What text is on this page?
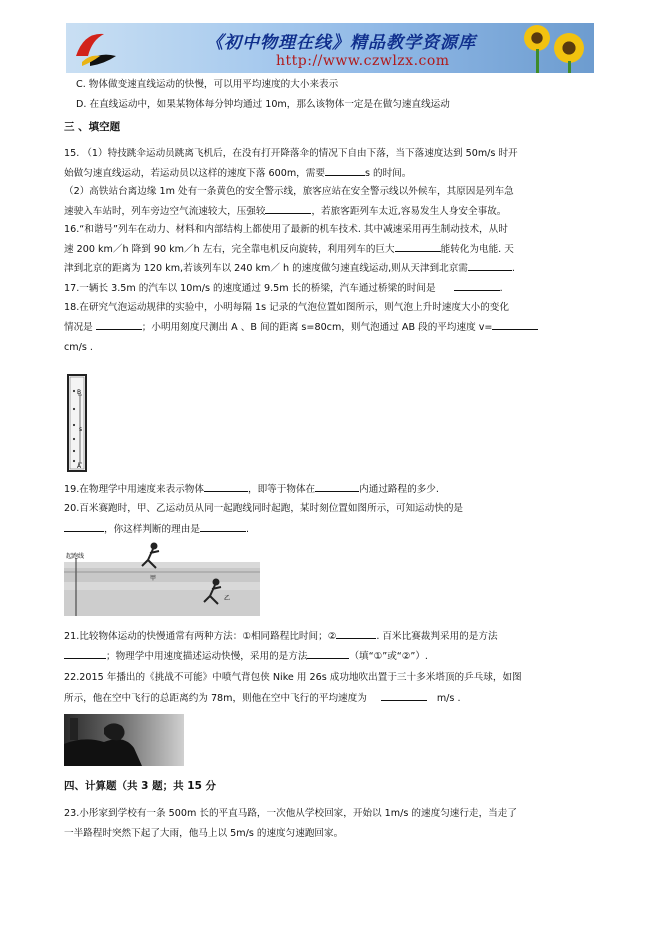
《初中物理在线》精品教学资源库
http://www.czwlzx.com
C. 物体做变速直线运动的快慢，可以用平均速度的大小来表示
D. 在直线运动中，如果某物体每分钟均通过 10m，那么该物体一定是在做匀速直线运动
三 、填空题
15. （1）特技跳伞运动员跳离飞机后，在没有打开降落伞的情况下自由下落，当下落速度达到 50m/s 时开
始做匀速直线运动，若运动员以这样的速度下落 600m，需要	s 的时间。
（2）高铁站台离边缘 1m 处有一条黄色的安全警示线，旅客应站在安全警示线以外候车，其原因是列车急
速驶入车站时，列车旁边空气流速较大，压强较	，若旅客距列车太近,容易发生人身安全事故。
16.“和谐号”列车在动力、材料和内部结构上都使用了最新的机车技术. 其中减速采用再生制动技术，从时
速 200 km／h 降到 90 km／h 左右，完全靠电机反向旋转，利用列车的巨大	能转化为电能. 天
津到北京的距离为 120 km,若该列车以 240 km／ h 的速度做匀速直线运动,则从天津到北京需	.
17.一辆长 3.5m 的汽车以 10m/s 的速度通过 9.5m 长的桥梁，汽车通过桥梁的时间是	.
18.在研究气泡运动规律的实验中，小明每隔 1s 记录的气泡位置如图所示，则气泡上升时速度大小的变化
情况是	；小明用刻度尺测出 A 、B 间的距离 s=80cm，则气泡通过 AB 段的平均速度 v=
cm/s .
B
s
A
19.在物理学中用速度来表示物体	，即等于物体在	内通过路程的多少.
20.百米赛跑时，甲、乙运动员从同一起跑线同时起跑，某时刻位置如图所示，可知运动快的是
，你这样判断的理由是	.
起跑线
甲
乙
21.比较物体运动的快慢通常有两种方法：①相同路程比时间；②	. 百米比赛裁判采用的是方法
；物理学中用速度描述运动快慢，采用的是方法	（填“①”或“②”）.
22.2015 年播出的《挑战不可能》中喷气背包侠 Nike 用 26s 成功地吹出置于三十多米塔顶的乒乓球，如图
所示，他在空中飞行的总距离约为 78m，则他在空中飞行的平均速度为	m/s .
四、计算题（共 3 题；共 15 分
23.小彤家到学校有一条 500m 长的平直马路，一次他从学校回家，开始以 1m/s 的速度匀速行走，当走了
一半路程时突然下起了大雨，他马上以 5m/s 的速度匀速跑回家。
